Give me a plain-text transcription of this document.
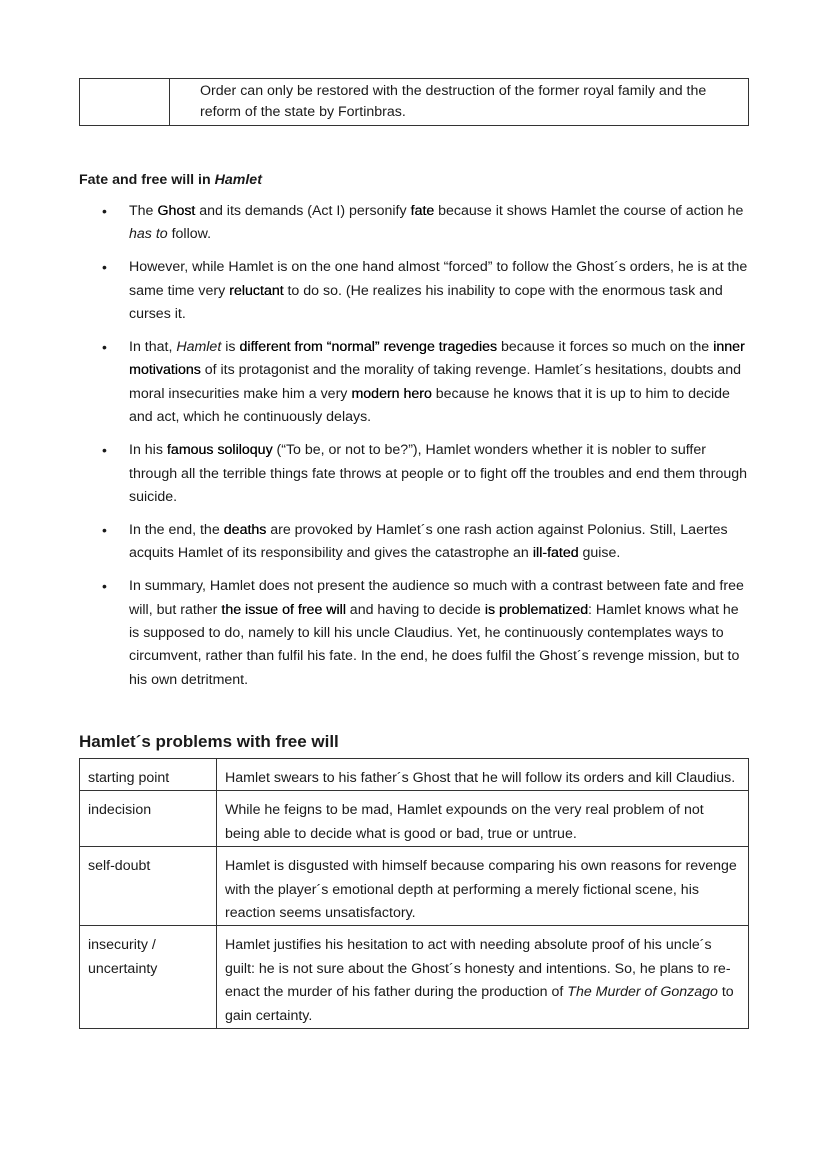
	Order can only be restored with the destruction of the former royal family and the reform of the state by Fortinbras.
Fate and free will in Hamlet
• The Ghost and its demands (Act I) personify fate because it shows Hamlet the course of action he has to follow.
• However, while Hamlet is on the one hand almost “forced” to follow the Ghost´s orders, he is at the same time very reluctant to do so. (He realizes his inability to cope with the enormous task and curses it.
• In that, Hamlet is different from “normal” revenge tragedies because it forces so much on the inner motivations of its protagonist and the morality of taking revenge. Hamlet´s hesitations, doubts and moral insecurities make him a very modern hero because he knows that it is up to him to decide and act, which he continuously delays.
• In his famous soliloquy (“To be, or not to be?”), Hamlet wonders whether it is nobler to suffer through all the terrible things fate throws at people or to fight off the troubles and end them through suicide.
• In the end, the deaths are provoked by Hamlet´s one rash action against Polonius. Still, Laertes acquits Hamlet of its responsibility and gives the catastrophe an ill-fated guise.
• In summary, Hamlet does not present the audience so much with a contrast between fate and free will, but rather the issue of free will and having to decide is problematized: Hamlet knows what he is supposed to do, namely to kill his uncle Claudius. Yet, he continuously contemplates ways to circumvent, rather than fulfil his fate. In the end, he does fulfil the Ghost´s revenge mission, but to his own detritment.
Hamlet´s problems with free will
starting point	Hamlet swears to his father´s Ghost that he will follow its orders and kill Claudius.
indecision	While he feigns to be mad, Hamlet expounds on the very real problem of not being able to decide what is good or bad, true or untrue.
self-doubt	Hamlet is disgusted with himself because comparing his own reasons for revenge with the player´s emotional depth at performing a merely fictional scene, his reaction seems unsatisfactory.
insecurity / uncertainty	Hamlet justifies his hesitation to act with needing absolute proof of his uncle´s guilt: he is not sure about the Ghost´s honesty and intentions. So, he plans to re-enact the murder of his father during the production of The Murder of Gonzago to gain certainty.
